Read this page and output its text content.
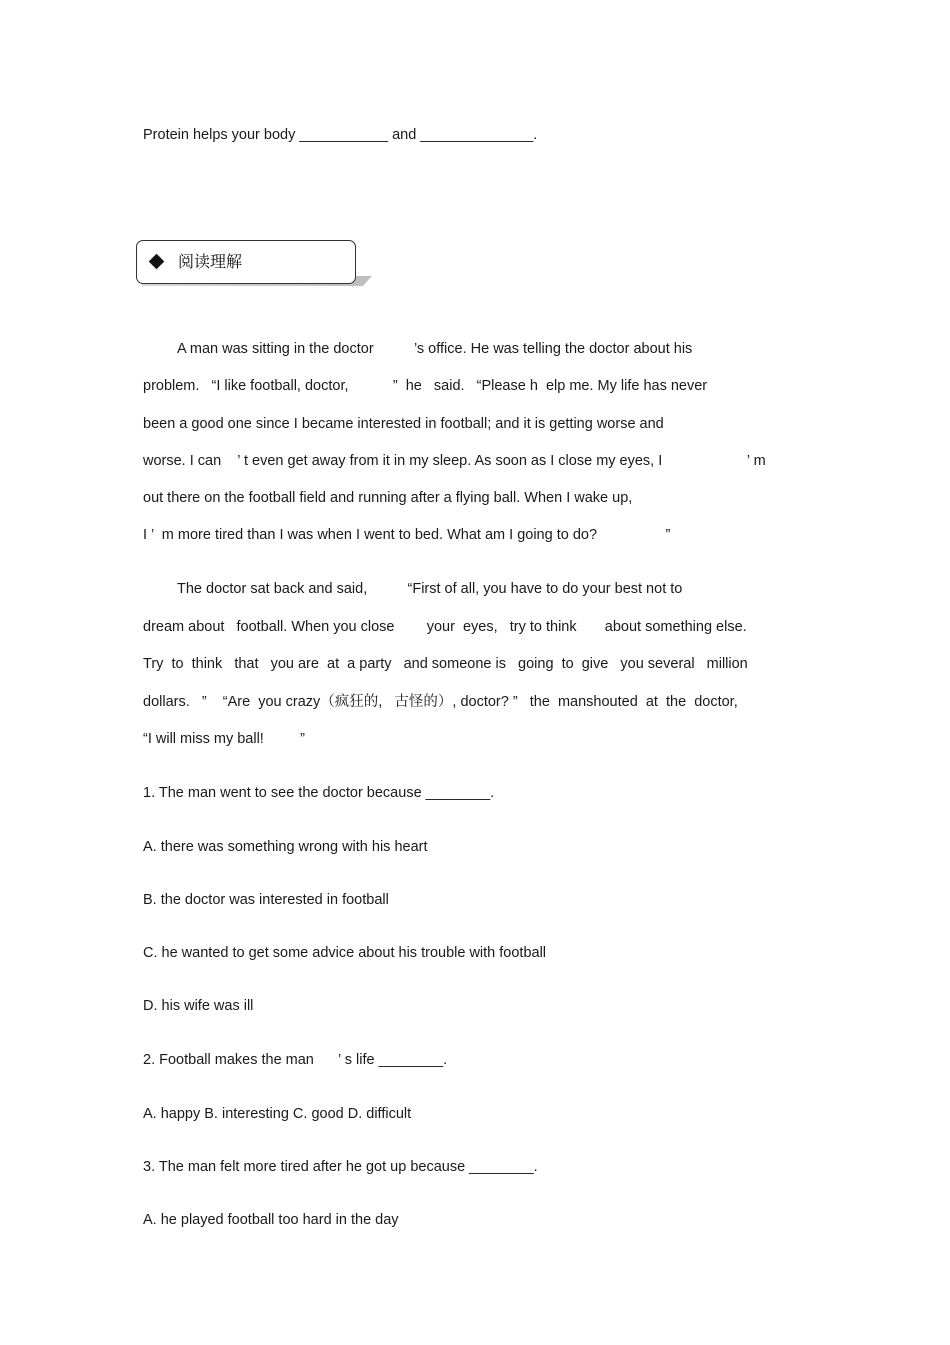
Protein helps your body ___________ and ______________.
阅读理解
A man was sitting in the doctor          ’s office. He was telling the doctor about his
problem.   “I like football, doctor,           ”  he   said.   “Please h  elp me. My life has never
been a good one since I became interested in football; and it is getting worse and
worse. I can    ’ t even get away from it in my sleep. As soon as I close my eyes, I                     ’ m
out there on the football field and running after a flying ball. When I wake up,
I ’  m more tired than I was when I went to bed. What am I going to do?                 ”
The doctor sat back and said,          “First of all, you have to do your best not to
dream about   football. When you close        your  eyes,   try to think       about something else.
Try  to  think   that   you are  at  a party   and someone is   going  to  give   you several   million
dollars.   ”    “Are  you crazy（疯狂的,   古怪的）, doctor? ”   the  manshouted  at  the  doctor,
“I will miss my ball!         ”
1. The man went to see the doctor because ________.
A. there was something wrong with his heart
B. the doctor was interested in football
C. he wanted to get some advice about his trouble with football
D. his wife was ill
2. Football makes the man      ’ s life ________.
A. happy B. interesting C. good D. difficult
3. The man felt more tired after he got up because ________.
A. he played football too hard in the day
